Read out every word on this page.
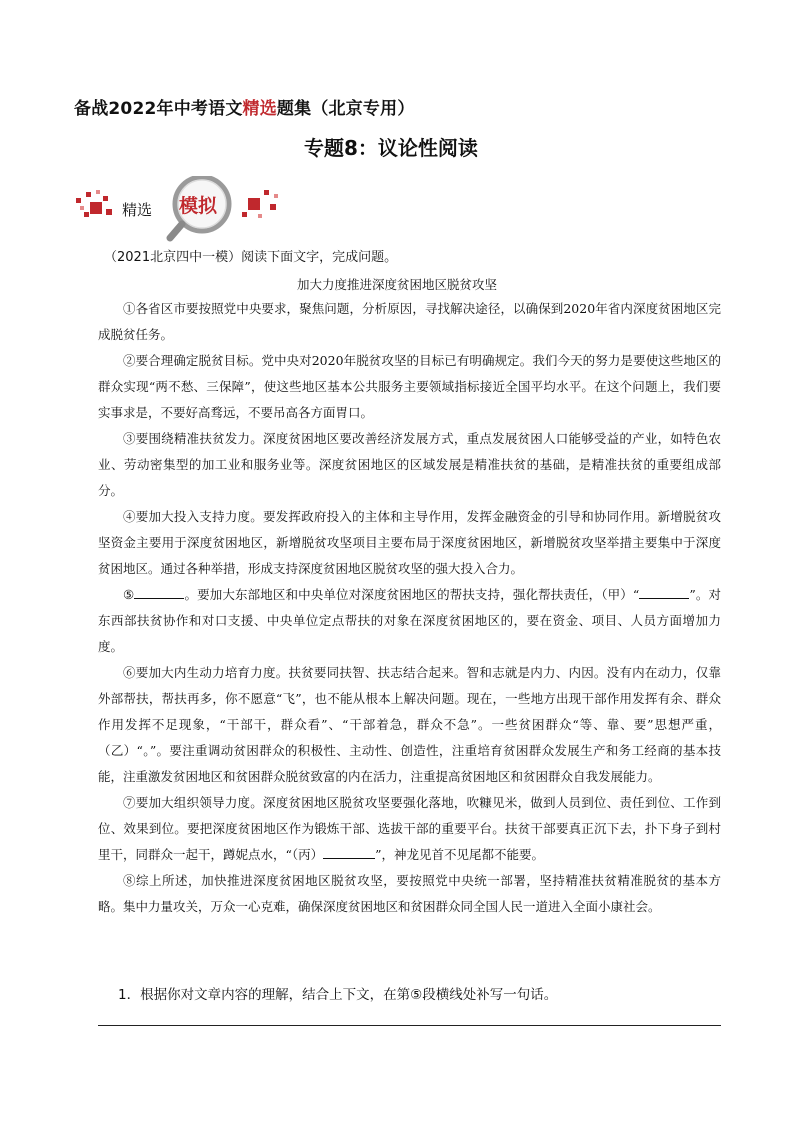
备战2022年中考语文精选题集（北京专用）
专题8：议论性阅读
精选 模拟
（2021北京四中一模）阅读下面文字，完成问题。
加大力度推进深度贫困地区脱贫攻坚

①各省区市要按照党中央要求，聚焦问题，分析原因，寻找解决途径，以确保到2020年省内深度贫困地区完成脱贫任务。

②要合理确定脱贫目标。党中央对2020年脱贫攻坚的目标已有明确规定。我们今天的努力是要使这些地区的群众实现“两不愁、三保障”，使这些地区基本公共服务主要领域指标接近全国平均水平。在这个问题上，我们要实事求是，不要好高骛远，不要吊高各方面胃口。

③要围绕精准扶贫发力。深度贫困地区要改善经济发展方式，重点发展贫困人口能够受益的产业，如特色农业、劳动密集型的加工业和服务业等。深度贫困地区的区域发展是精准扶贫的基础，是精准扶贫的重要组成部分。

④要加大投入支持力度。要发挥政府投入的主体和主导作用，发挥金融资金的引导和协同作用。新增脱贫攻坚资金主要用于深度贫困地区，新增脱贫攻坚项目主要布局于深度贫困地区，新增脱贫攻坚举措主要集中于深度贫困地区。通过各种举措，形成支持深度贫困地区脱贫攻坚的强大投入合力。

⑤	。要加大东部地区和中央单位对深度贫困地区的帮扶支持，强化帮扶责任，（甲）“	”。对东西部扶贫协作和对口支援、中央单位定点帮扶的对象在深度贫困地区的，要在资金、项目、人员方面增加力度。

⑥要加大内生动力培育力度。扶贫要同扶智、扶志结合起来。智和志就是内力、内因。没有内在动力，仅靠外部帮扶，帮扶再多，你不愿意“飞”，也不能从根本上解决问题。现在，一些地方出现干部作用发挥有余、群众作用发挥不足现象，“干部干，群众看”、“干部着急，群众不急”。一些贫困群众“等、靠、要”思想严重，（乙）“。”。要注重调动贫困群众的积极性、主动性、创造性，注重培育贫困群众发展生产和务工经商的基本技能，注重激发贫困地区和贫困群众脱贫致富的内在活力，注重提高贫困地区和贫困群众自我发展能力。

⑦要加大组织领导力度。深度贫困地区脱贫攻坚要强化落地，吹糠见米，做到人员到位、责任到位、工作到位、效果到位。要把深度贫困地区作为锻炼干部、选拔干部的重要平台。扶贫干部要真正沉下去，扑下身子到村里干，同群众一起干，蹲妮点水，“（丙）	”，神龙见首不见尾都不能要。

⑧综上所述，加快推进深度贫困地区脱贫攻坚，要按照党中央统一部署，坚持精准扶贫精准脱贫的基本方略。集中力量攻关，万众一心克难，确保深度贫困地区和贫困群众同全国人民一道进入全面小康社会。

1．根据你对文章内容的理解，结合上下文，在第⑤段横线处补写一句话。
